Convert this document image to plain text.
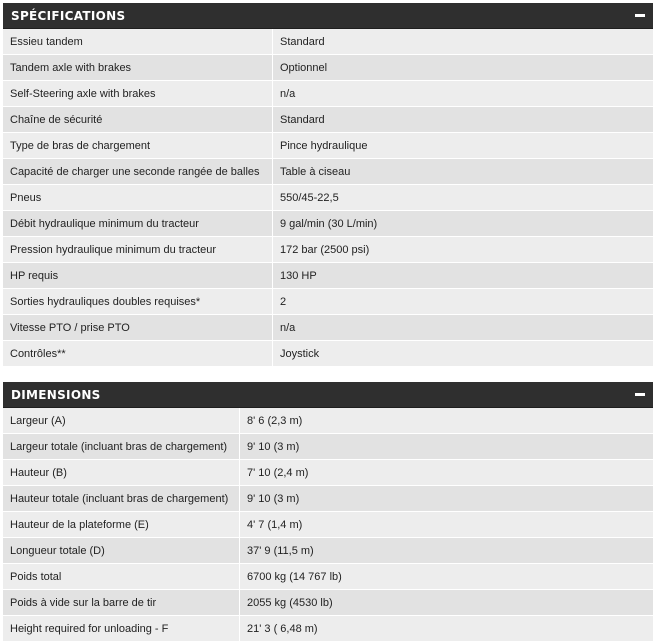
SPÉCIFICATIONS
Essieu tandem	Standard
Tandem axle with brakes	Optionnel
Self-Steering axle with brakes	n/a
Chaîne de sécurité	Standard
Type de bras de chargement	Pince hydraulique
Capacité de charger une seconde rangée de balles	Table à ciseau
Pneus	550/45-22,5
Débit hydraulique minimum du tracteur	9 gal/min (30 L/min)
Pression hydraulique minimum du tracteur	172 bar (2500 psi)
HP requis	130 HP
Sorties hydrauliques doubles requises*	2
Vitesse PTO / prise PTO	n/a
Contrôles**	Joystick
DIMENSIONS
Largeur (A)	8' 6 (2,3 m)
Largeur totale (incluant bras de chargement)	9' 10 (3 m)
Hauteur (B)	7' 10 (2,4 m)
Hauteur totale (incluant bras de chargement)	9' 10 (3 m)
Hauteur de la plateforme (E)	4' 7 (1,4 m)
Longueur totale (D)	37' 9 (11,5 m)
Poids total	6700 kg (14 767 lb)
Poids à vide sur la barre de tir	2055 kg (4530 lb)
Height required for unloading - F	21' 3 ( 6,48 m)
